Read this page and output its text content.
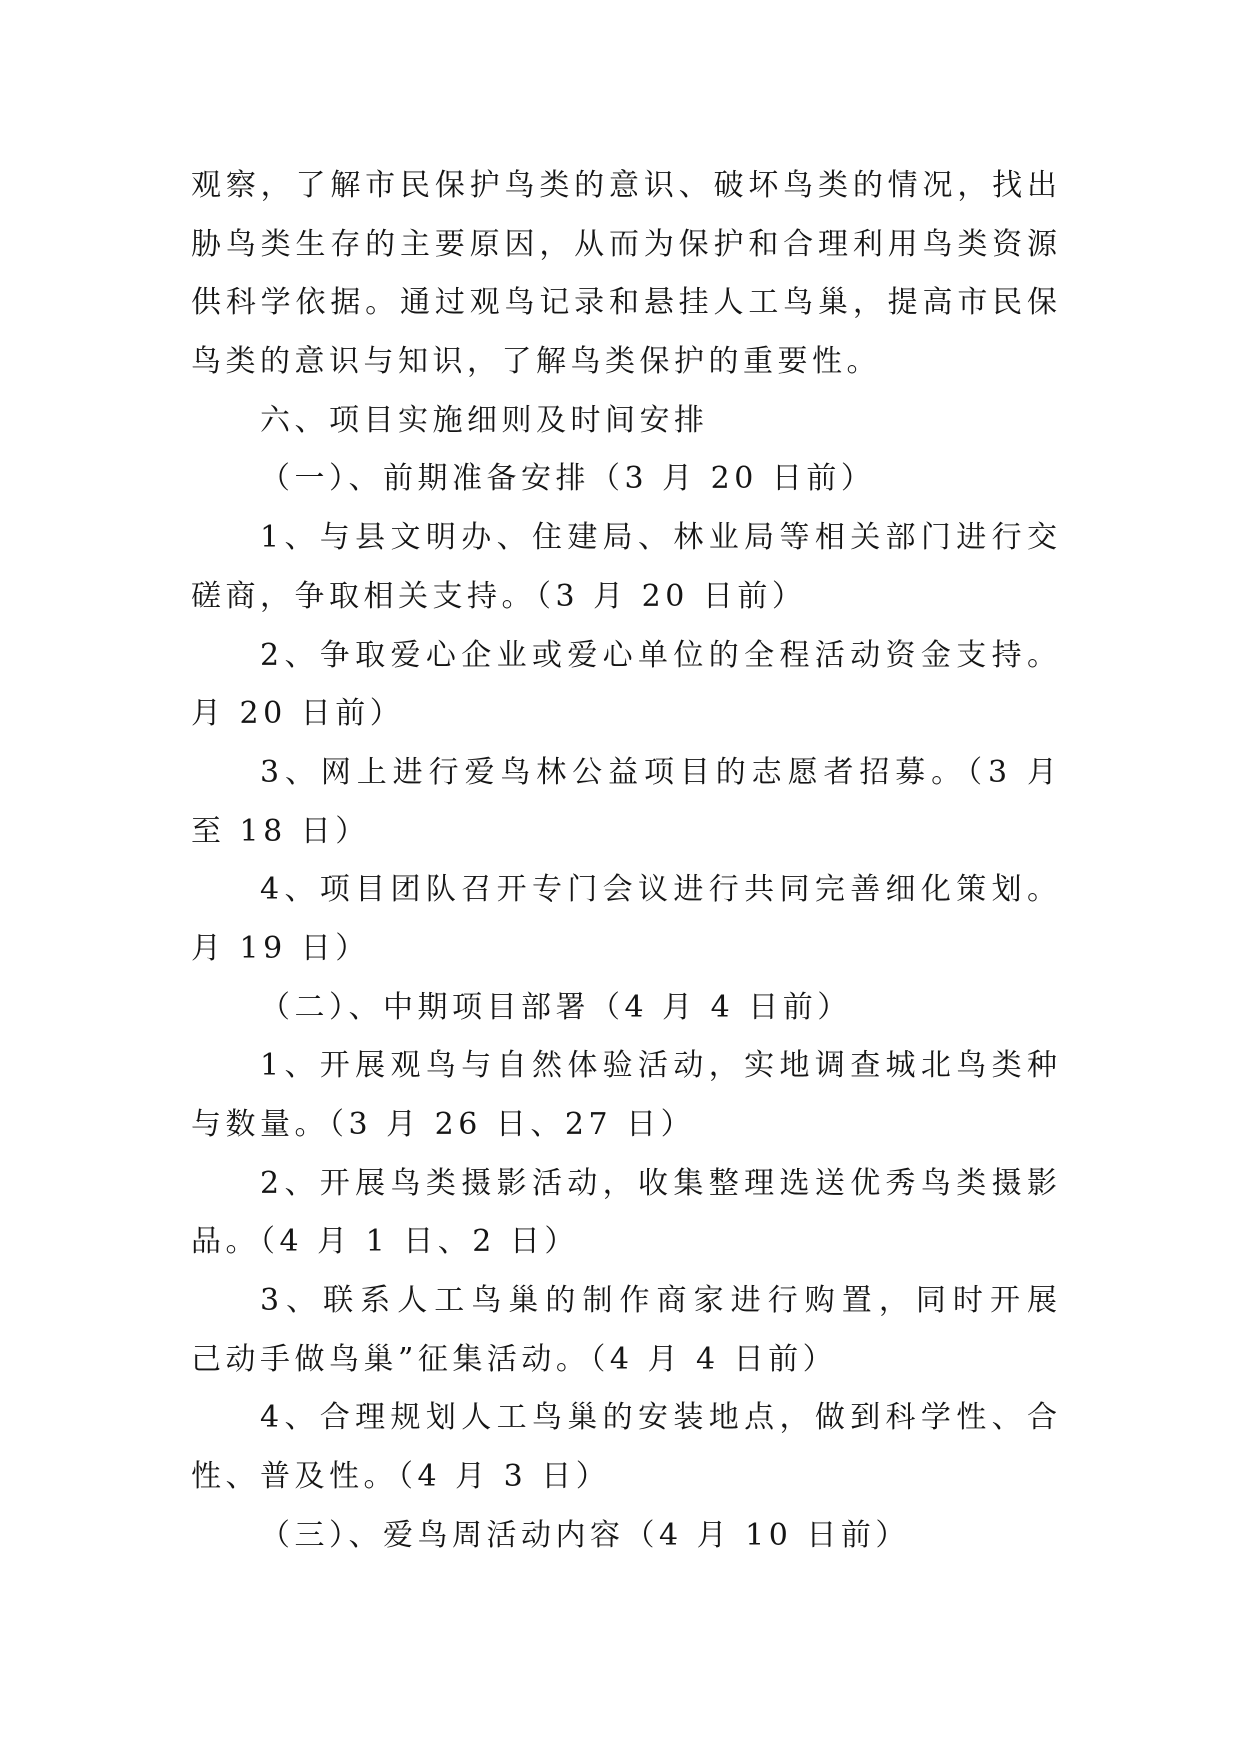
观察，了解市民保护鸟类的意识、破坏鸟类的情况，找出
胁鸟类生存的主要原因，从而为保护和合理利用鸟类资源
供科学依据。通过观鸟记录和悬挂人工鸟巢，提高市民保
鸟类的意识与知识，了解鸟类保护的重要性。
六、项目实施细则及时间安排
（一）、前期准备安排（3 月 20 日前）
1、与县文明办、住建局、林业局等相关部门进行交
磋商，争取相关支持。（3 月 20 日前）
2、争取爱心企业或爱心单位的全程活动资金支持。
月 20 日前）
3、网上进行爱鸟林公益项目的志愿者招募。（3 月
至 18 日）
4、项目团队召开专门会议进行共同完善细化策划。
月 19 日）
（二）、中期项目部署（4 月 4 日前）
1、开展观鸟与自然体验活动，实地调查城北鸟类种
与数量。（3 月 26 日、27 日）
2、开展鸟类摄影活动，收集整理选送优秀鸟类摄影
品。（4 月 1 日、2 日）
3、联系人工鸟巢的制作商家进行购置，同时开展
己动手做鸟巢”征集活动。（4 月 4 日前）
4、合理规划人工鸟巢的安装地点，做到科学性、合
性、普及性。（4 月 3 日）
（三）、爱鸟周活动内容（4 月 10 日前）
